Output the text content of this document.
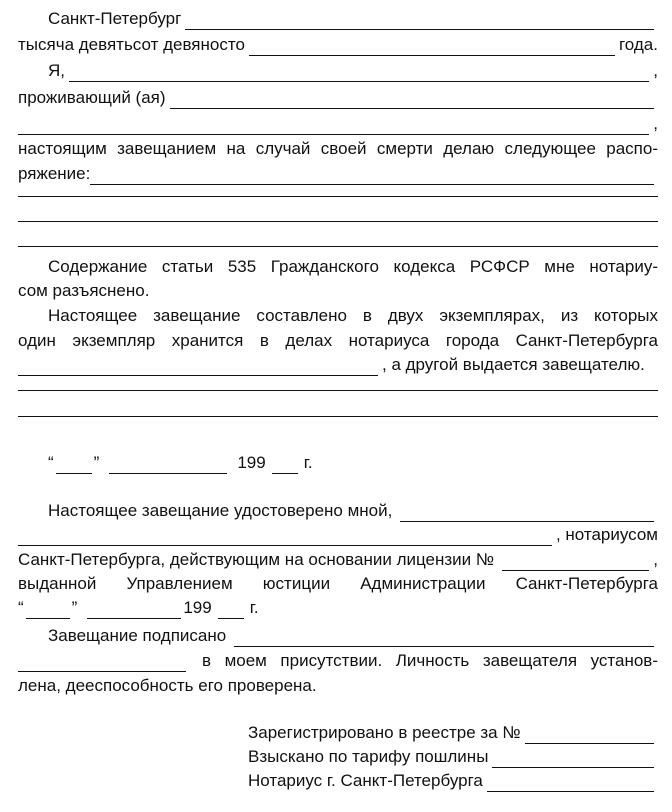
Санкт-Петербург
тысяча девятьсот девяносто	года.
Я,	,
проживающий (ая)
,
настоящим завещанием на случай своей смерти делаю следующее распо-
ряжение:
Содержание статьи 535 Гражданского кодекса РСФСР мне нотариу-
сом разъяснено.
Настоящее завещание составлено в двух экземплярах, из которых
один экземпляр хранится в делах нотариуса города Санкт-Петербурга
, а другой выдается завещателю.
“ ”	199 г.
Настоящее завещание удостоверено мной,
, нотариусом
Санкт-Петербурга, действующим на основании лицензии №	,
выданной Управлением юстиции Администрации Санкт-Петербурга
“	”	199 г.
Завещание подписано
в моем присутствии. Личность завещателя установ-
лена, дееспособность его проверена.
Зарегистрировано в реестре за №
Взыскано по тарифу пошлины
Нотариус г. Санкт-Петербурга
